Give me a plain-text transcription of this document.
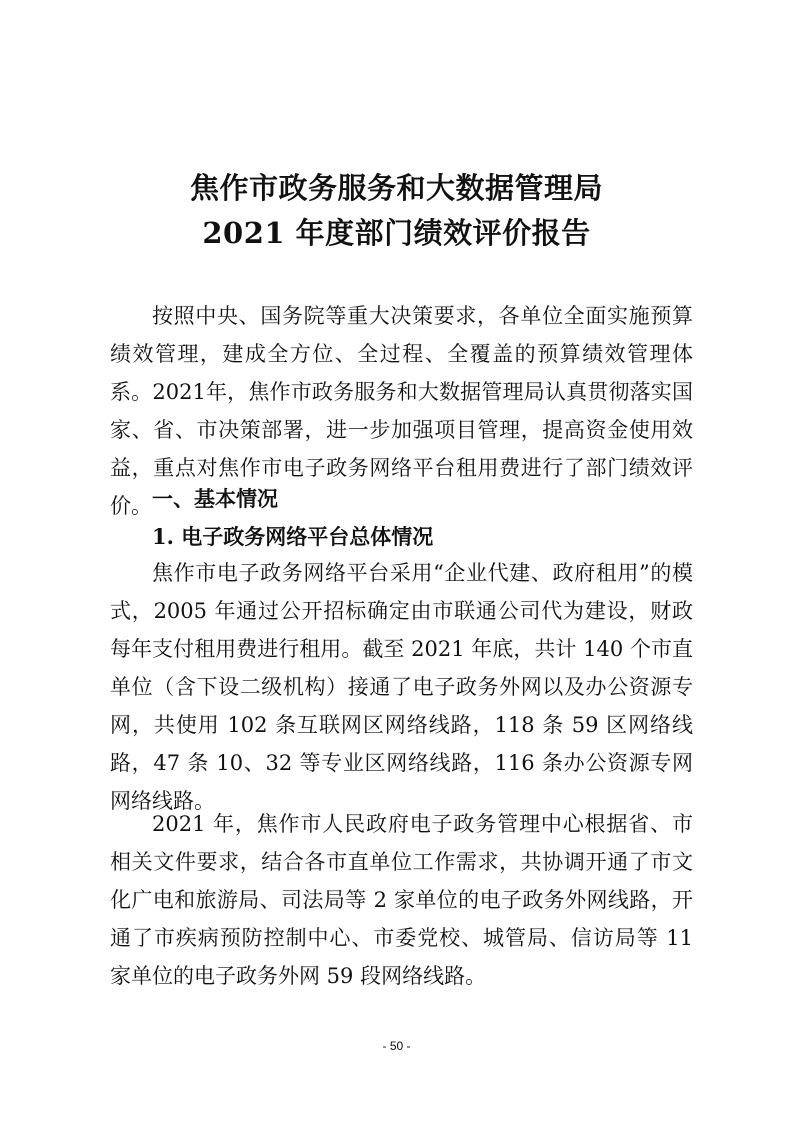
焦作市政务服务和大数据管理局
2021 年度部门绩效评价报告

按照中央、国务院等重大决策要求，各单位全面实施预算绩效管理，建成全方位、全过程、全覆盖的预算绩效管理体系。2021年，焦作市政务服务和大数据管理局认真贯彻落实国家、省、市决策部署，进一步加强项目管理，提高资金使用效益，重点对焦作市电子政务网络平台租用费进行了部门绩效评价。 一、基本情况
1. 电子政务网络平台总体情况

焦作市电子政务网络平台采用“企业代建、政府租用”的模式，2005 年通过公开招标确定由市联通公司代为建设，财政每年支付租用费进行租用。截至 2021 年底，共计 140 个市直单位（含下设二级机构）接通了电子政务外网以及办公资源专网，共使用 102 条互联网区网络线路，118 条 59 区网络线路，47 条 10、32 等专业区网络线路，116 条办公资源专网网络线路。

2021 年，焦作市人民政府电子政务管理中心根据省、市相关文件要求，结合各市直单位工作需求，共协调开通了市文化广电和旅游局、司法局等 2 家单位的电子政务外网线路，开通了市疾病预防控制中心、市委党校、城管局、信访局等 11 家单位的电子政务外网 59 段网络线路。

- 50 -
